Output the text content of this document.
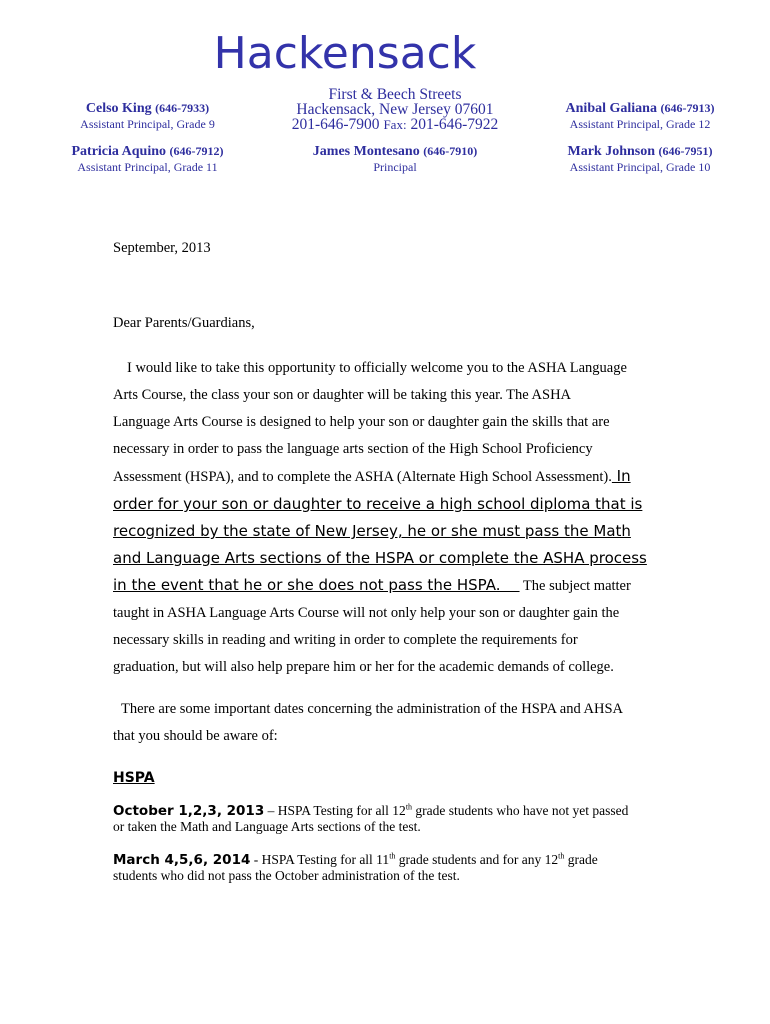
Hackensack
First & Beech Streets
Hackensack, New Jersey 07601
201-646-7900 Fax: 201-646-7922
Celso King (646-7933)
Assistant Principal, Grade 9
Anibal Galiana (646-7913)
Assistant Principal, Grade 12
Patricia Aquino (646-7912)
Assistant Principal, Grade 11
James Montesano (646-7910)
Principal
Mark Johnson (646-7951)
Assistant Principal, Grade 10
September, 2013
Dear Parents/Guardians,
I would like to take this opportunity to officially welcome you to the ASHA Language
Arts Course, the class your son or daughter will be taking this year. The ASHA
Language Arts Course is designed to help your son or daughter gain the skills that are
necessary in order to pass the language arts section of the High School Proficiency
Assessment (HSPA), and to complete the ASHA (Alternate High School Assessment). In
order for your son or daughter to receive a high school diploma that is
recognized by the state of New Jersey, he or she must pass the Math
and Language Arts sections of the HSPA or complete the ASHA process
in the event that he or she does not pass the HSPA.     The subject matter
taught in ASHA Language Arts Course will not only help your son or daughter gain the
necessary skills in reading and writing in order to complete the requirements for
graduation, but will also help prepare him or her for the academic demands of college.
There are some important dates concerning the administration of the HSPA and AHSA
that you should be aware of:
HSPA
October 1,2,3, 2013 – HSPA Testing for all 12th grade students who have not yet passed
or taken the Math and Language Arts sections of the test.
March 4,5,6, 2014 - HSPA Testing for all 11th grade students and for any 12th grade
students who did not pass the October administration of the test.
